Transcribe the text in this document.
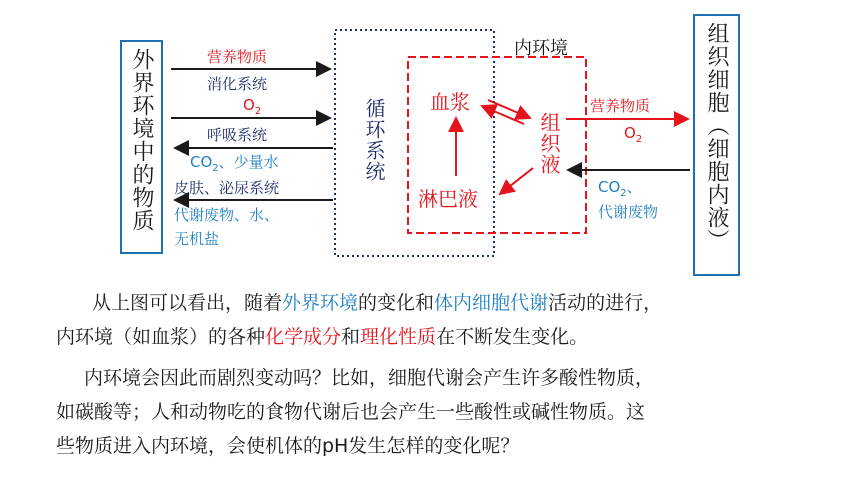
外界环境中的物质	组织细胞
（细胞内液）
内环境
循环系统 血浆
组织液
淋巴液
营养物质
消化系统
$O_2$
呼吸系统
$CO_2$、少量水
皮肤、泌尿系统
代谢废物、水、
无机盐
营养物质
$O_2$
$CO_2$、
代谢废物
从上图可以看出，随着外界环境的变化和体内细胞代谢活动的进行，
内环境（如血浆）的各种化学成分和理化性质在不断发生变化。
内环境会因此而剧烈变动吗？比如，细胞代谢会产生许多酸性物质，
如碳酸等；人和动物吃的食物代谢后也会产生一些酸性或碱性物质。这
些物质进入内环境，会使机体的pH发生怎样的变化呢？
